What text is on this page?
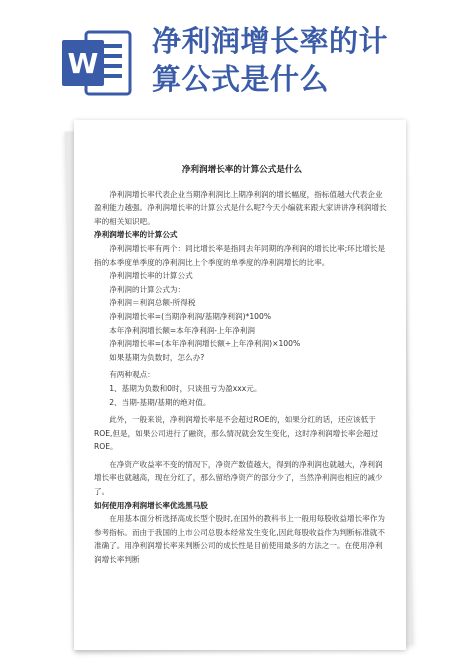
W
净利润增长率的计
算公式是什么
净利润增长率的计算公式是什么

净利润增长率代表企业当期净利润比上期净利润的增长幅度，指标值越大代表企业盈利能力越强。净利润增长率的计算公式是什么呢?今天小编就来跟大家讲讲净利润增长率的相关知识吧。

净利润增长率的计算公式

净利润增长率有两个：同比增长率是指同去年同期的净利润的增长比率;环比增长是指的本季度单季度的净利润比上个季度的单季度的净利润增长的比率。

净利润增长率的计算公式

净利润的计算公式为：

净利润＝利润总额-所得税

净利润增长率=(当期净利润/基期净利润)*100%

本年净利润增长额=本年净利润-上年净利润

净利润增长率=(本年净利润增长额÷上年净利润)×100%

如果基期为负数时，怎么办?

有两种观点：

1、基期为负数和0时，只谈扭亏为盈xxx元。

2、当期-基期/基期的绝对值。

此外，一般来说，净利润增长率是不会超过ROE的，如果分红的话，还应该低于ROE,但是，如果公司进行了融资，那么情况就会发生变化，这时净利润增长率会超过ROE。

在净资产收益率不变的情况下，净资产数值越大，得到的净利润也就越大，净利润增长率也就越高，现在分红了，那么留给净资产的部分少了，当然净利润也相应的减少了。

如何使用净利润增长率优选黑马股

在用基本面分析选择高成长型个股时,在国外的教科书上一般用每股收益增长率作为参考指标。而由于我国的上市公司总股本经常发生变化,因此每股收益作为判断标准就不准确了。用净利润增长率来判断公司的成长性是目前使用最多的方法之一。在使用净利润增长率判断
